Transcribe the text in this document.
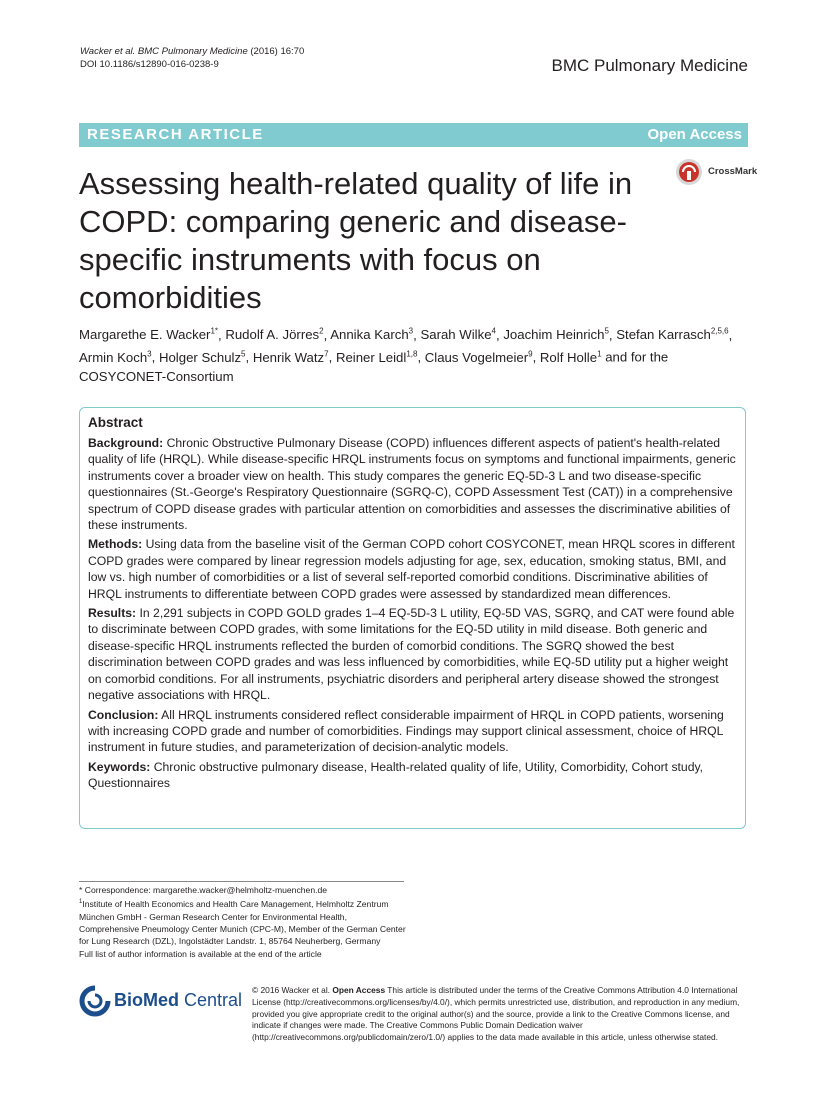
Wacker et al. BMC Pulmonary Medicine (2016) 16:70
DOI 10.1186/s12890-016-0238-9	BMC Pulmonary Medicine
RESEARCH ARTICLE	Open Access
Assessing health-related quality of life in COPD: comparing generic and disease-specific instruments with focus on comorbidities
CrossMark
Margarethe E. Wacker$^{1*}$, Rudolf A. Jörres$^2$, Annika Karch$^3$, Sarah Wilke$^4$, Joachim Heinrich$^5$, Stefan Karrasch$^{2,5,6}$, Armin Koch$^3$, Holger Schulz$^5$, Henrik Watz$^7$, Reiner Leidl$^{1,8}$, Claus Vogelmeier$^9$, Rolf Holle$^1$ and for the COSYCONET-Consortium
Abstract
Background: Chronic Obstructive Pulmonary Disease (COPD) influences different aspects of patient's health-related quality of life (HRQL). While disease-specific HRQL instruments focus on symptoms and functional impairments, generic instruments cover a broader view on health. This study compares the generic EQ-5D-3 L and two disease-specific questionnaires (St.-George's Respiratory Questionnaire (SGRQ-C), COPD Assessment Test (CAT)) in a comprehensive spectrum of COPD disease grades with particular attention on comorbidities and assesses the discriminative abilities of these instruments.
Methods: Using data from the baseline visit of the German COPD cohort COSYCONET, mean HRQL scores in different COPD grades were compared by linear regression models adjusting for age, sex, education, smoking status, BMI, and low vs. high number of comorbidities or a list of several self-reported comorbid conditions. Discriminative abilities of HRQL instruments to differentiate between COPD grades were assessed by standardized mean differences.
Results: In 2,291 subjects in COPD GOLD grades 1–4 EQ-5D-3 L utility, EQ-5D VAS, SGRQ, and CAT were found able to discriminate between COPD grades, with some limitations for the EQ-5D utility in mild disease. Both generic and disease-specific HRQL instruments reflected the burden of comorbid conditions. The SGRQ showed the best discrimination between COPD grades and was less influenced by comorbidities, while EQ-5D utility put a higher weight on comorbid conditions. For all instruments, psychiatric disorders and peripheral artery disease showed the strongest negative associations with HRQL.
Conclusion: All HRQL instruments considered reflect considerable impairment of HRQL in COPD patients, worsening with increasing COPD grade and number of comorbidities. Findings may support clinical assessment, choice of HRQL instrument in future studies, and parameterization of decision-analytic models.
Keywords: Chronic obstructive pulmonary disease, Health-related quality of life, Utility, Comorbidity, Cohort study, Questionnaires
* Correspondence: margarethe.wacker@helmholtz-muenchen.de
$^1$Institute of Health Economics and Health Care Management, Helmholtz Zentrum München GmbH - German Research Center for Environmental Health, Comprehensive Pneumology Center Munich (CPC-M), Member of the German Center for Lung Research (DZL), Ingolstädter Landstr. 1, 85764 Neuherberg, Germany
Full list of author information is available at the end of the article
BioMed Central © 2016 Wacker et al. Open Access This article is distributed under the terms of the Creative Commons Attribution 4.0 International License (http://creativecommons.org/licenses/by/4.0/), which permits unrestricted use, distribution, and reproduction in any medium, provided you give appropriate credit to the original author(s) and the source, provide a link to the Creative Commons license, and indicate if changes were made. The Creative Commons Public Domain Dedication waiver (http://creativecommons.org/publicdomain/zero/1.0/) applies to the data made available in this article, unless otherwise stated.
